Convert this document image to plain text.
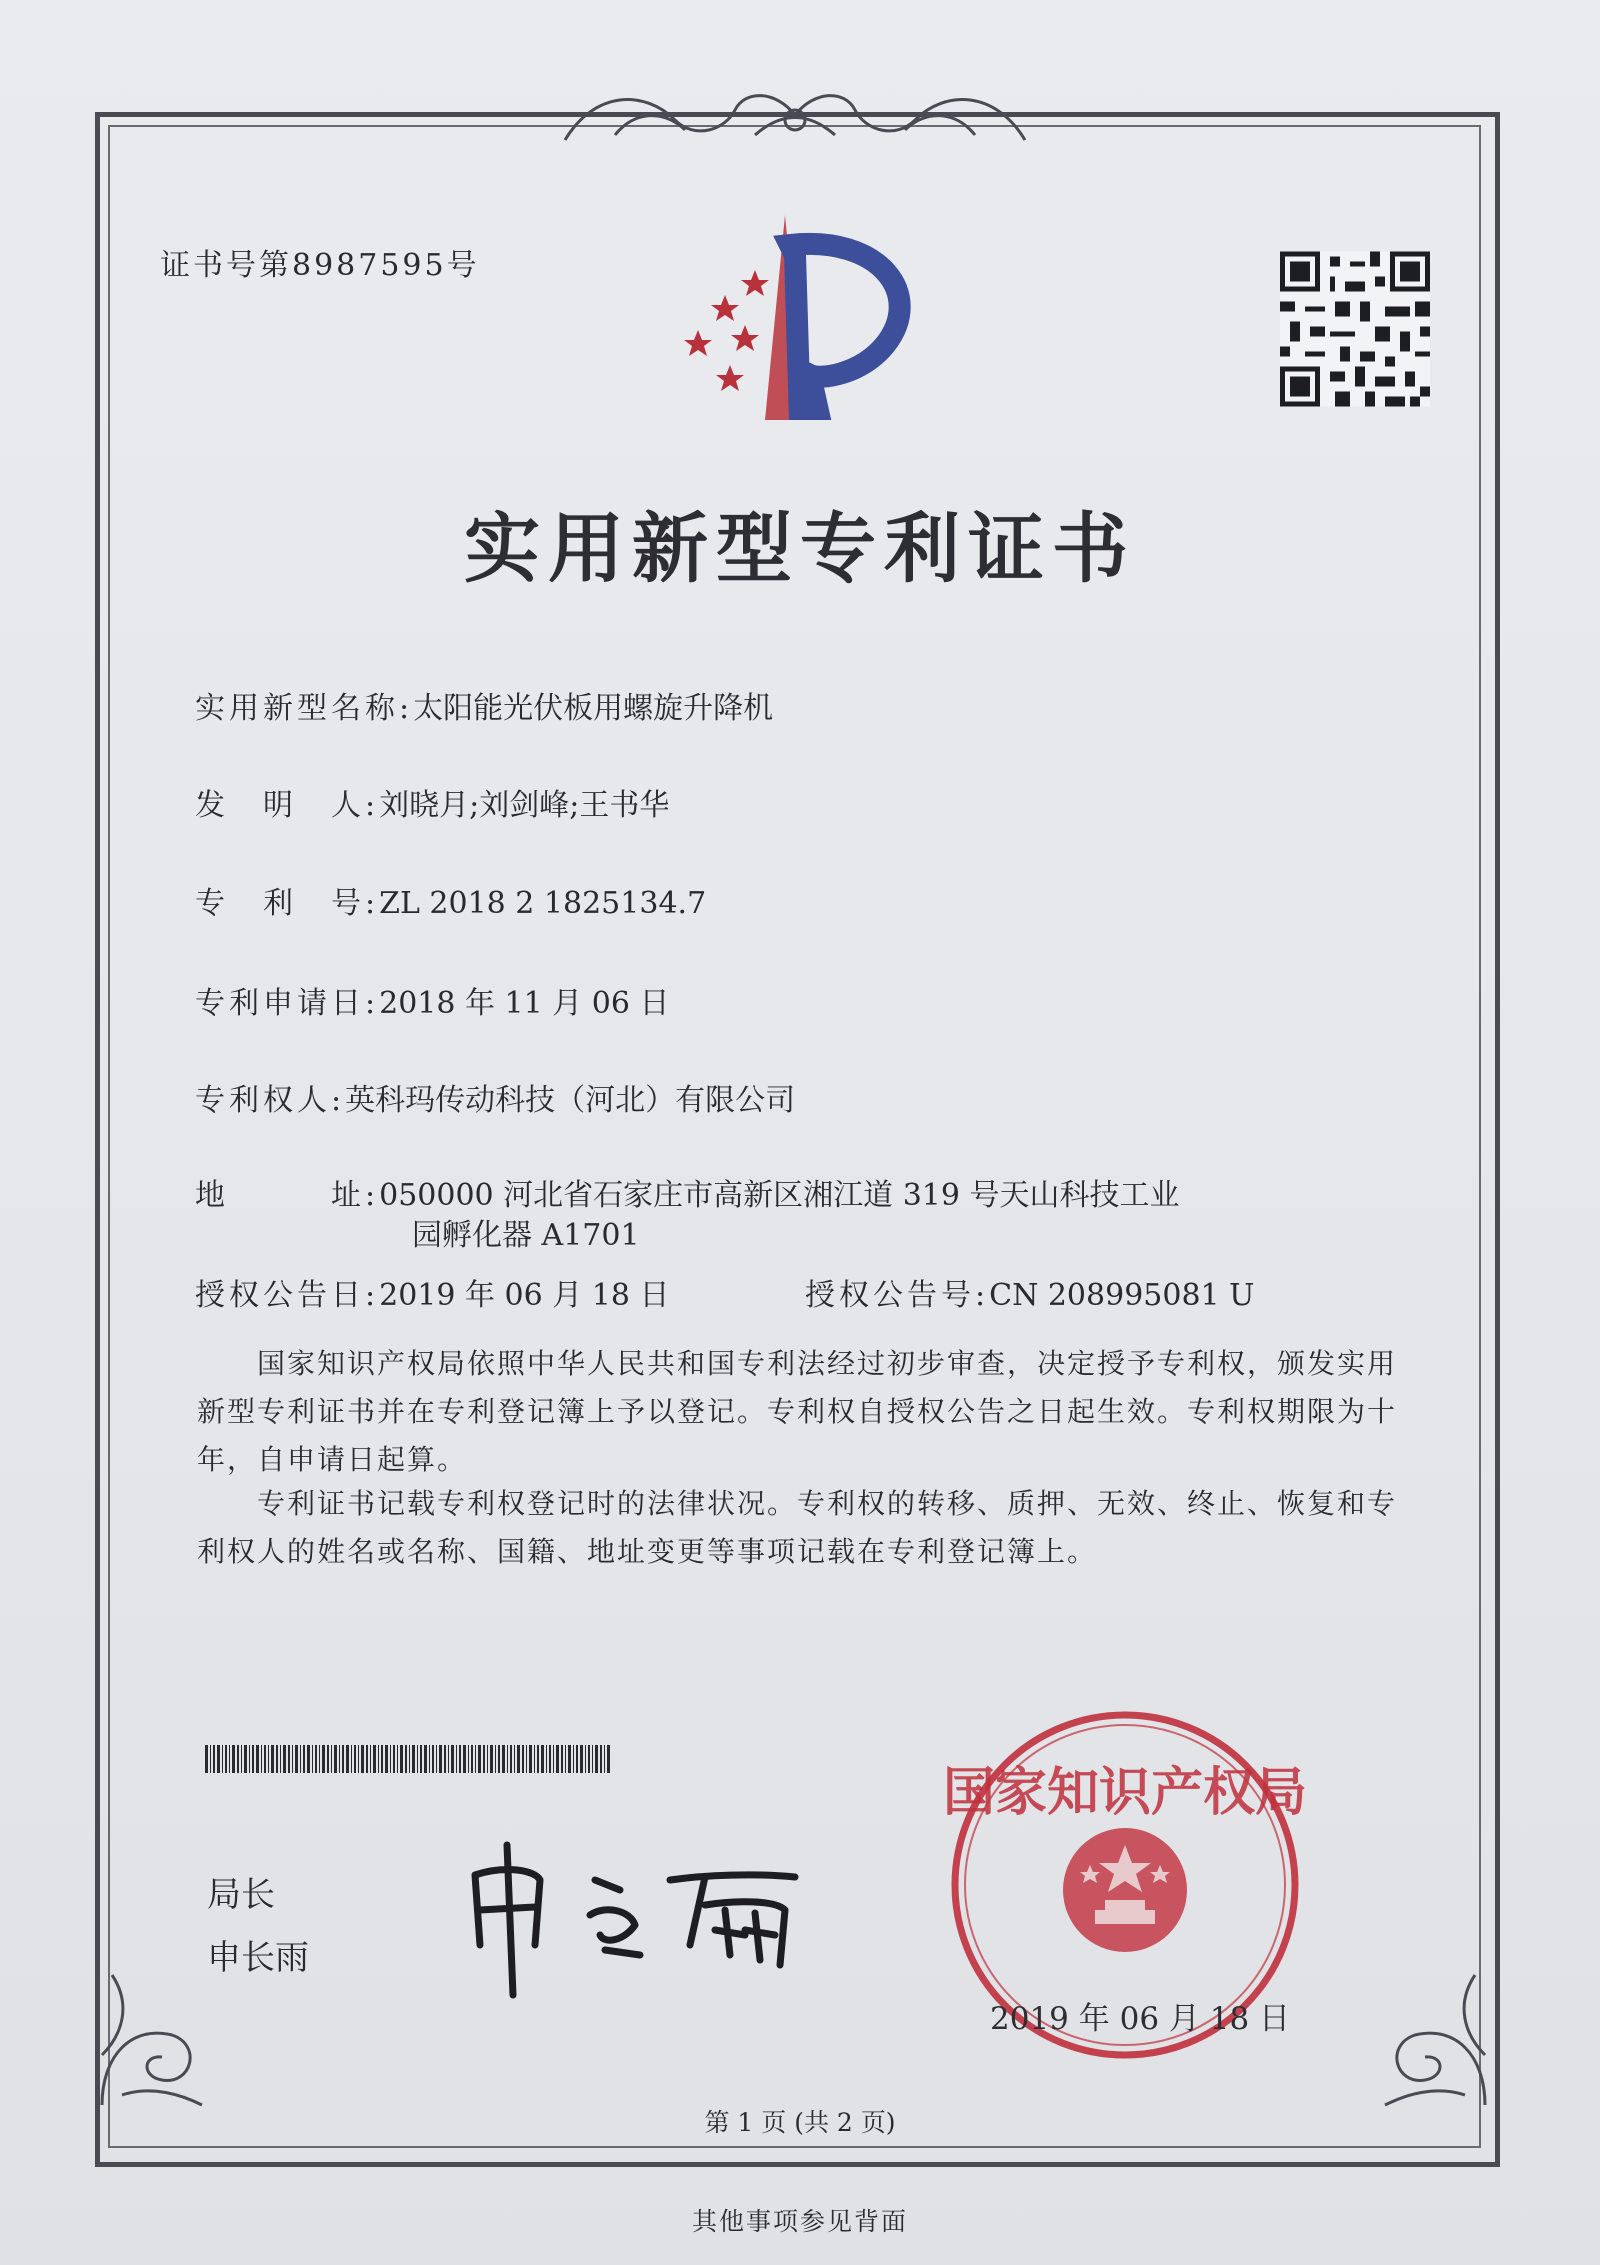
证书号第8987595号
实用新型专利证书
实用新型名称:太阳能光伏板用螺旋升降机
发　明　人:刘晓月;刘剑峰;王书华
专　利　号:ZL 2018 2 1825134.7
专利申请日:2018 年 11 月 06 日
专利权人:英科玛传动科技（河北）有限公司
地　　　址:050000 河北省石家庄市高新区湘江道 319 号天山科技工业
园孵化器 A1701
授权公告日:2019 年 06 月 18 日	授权公告号:CN 208995081 U
国家知识产权局依照中华人民共和国专利法经过初步审查，决定授予专利权，颁发实用新型专利证书并在专利登记簿上予以登记。专利权自授权公告之日起生效。专利权期限为十年，自申请日起算。
专利证书记载专利权登记时的法律状况。专利权的转移、质押、无效、终止、恢复和专利权人的姓名或名称、国籍、地址变更等事项记载在专利登记簿上。
局长
申长雨
国家知识产权局
2019 年 06 月 18 日
第 1 页 (共 2 页)
其他事项参见背面
